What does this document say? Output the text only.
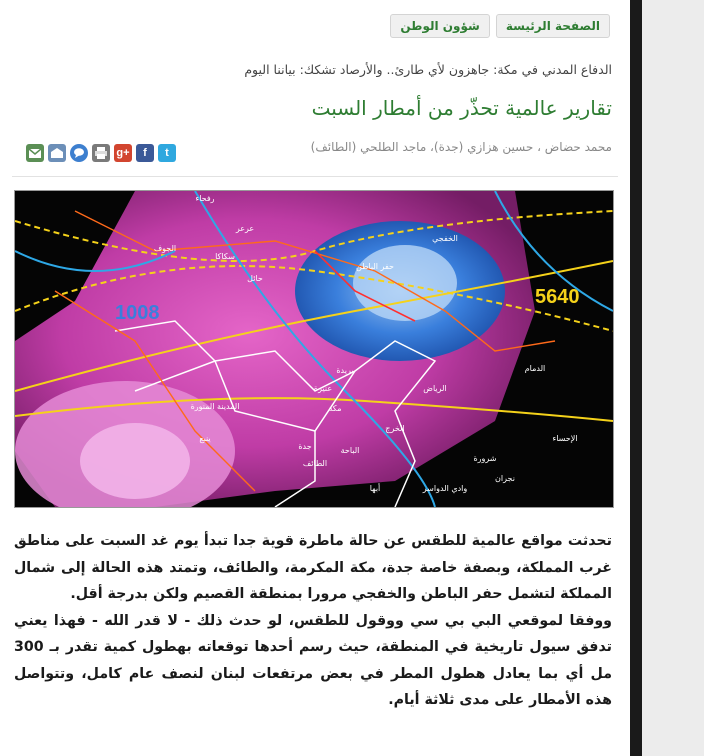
الصفحة الرئيسة
شؤون الوطن
الدفاع المدني في مكة: جاهزون لأي طارئ.. والأرصاد تشكك: بياننا اليوم
تقارير عالمية تحذّر من أمطار السبت
محمد حضاض ، حسين هزازي (جدة)، ماجد الطلحي (الطائف)
g+	f	t
1008
5640
رفحاء
عرعر
سكاكا
الجوف
حفر الباطن
الخفجي
حائل
بريدة
عنيزة
المدينة المنورة
ينبع
مكة
جدة
الطائف
الباحة
أبها
نجران
الخرج
الرياض
الدمام
وادي الدواسر
الإحساء
شرورة

تحدثت مواقع عالمية للطقس عن حالة ماطرة قوية جدا تبدأ يوم غد السبت على مناطق غرب المملكة، وبصفة خاصة جدة، مكة المكرمة، والطائف، وتمتد هذه الحالة إلى شمال المملكة لتشمل حفر الباطن والخفجي مرورا بمنطقة القصيم ولكن بدرجة أقل.

ووفقا لموقعي البي بي سي ووقول للطقس، لو حدث ذلك - لا قدر الله - فهذا يعني تدفق سيول تاريخية في المنطقة، حيث رسم أحدها توقعاته بهطول كمية تقدر بـ 300 مل أي بما يعادل هطول المطر في بعض مرتفعات لبنان لنصف عام كامل، وتتواصل هذه الأمطار على مدى ثلاثة أيام.
